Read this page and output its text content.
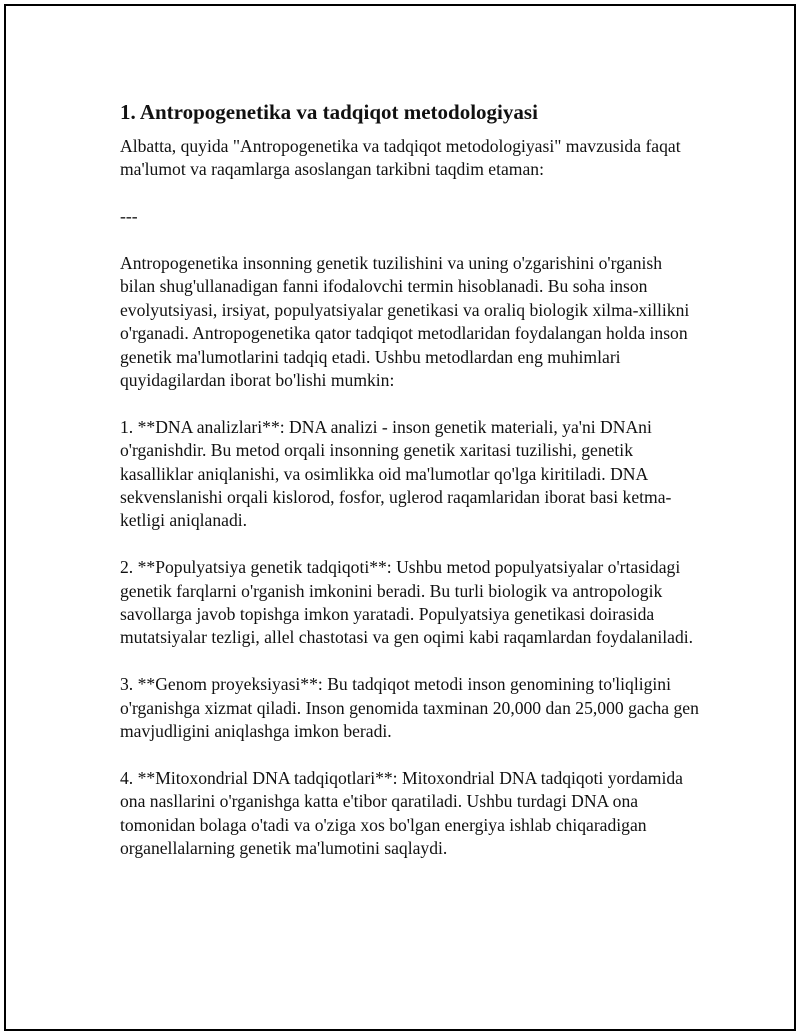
1. Antropogenetika va tadqiqot metodologiyasi

Albatta, quyida "Antropogenetika va tadqiqot metodologiyasi" mavzusida faqat ma'lumot va raqamlarga asoslangan tarkibni taqdim etaman:

---

Antropogenetika insonning genetik tuzilishini va uning o'zgarishini o'rganish bilan shug'ullanadigan fanni ifodalovchi termin hisoblanadi. Bu soha inson evolyutsiyasi, irsiyat, populyatsiyalar genetikasi va oraliq biologik xilma-xillikni o'rganadi. Antropogenetika qator tadqiqot metodlaridan foydalangan holda inson genetik ma'lumotlarini tadqiq etadi. Ushbu metodlardan eng muhimlari quyidagilardan iborat bo'lishi mumkin:

1. **DNA analizlari**: DNA analizi - inson genetik materiali, ya'ni DNAni o'rganishdir. Bu metod orqali insonning genetik xaritasi tuzilishi, genetik kasalliklar aniqlanishi, va osimlikka oid ma'lumotlar qo'lga kiritiladi. DNA sekvenslanishi orqali kislorod, fosfor, uglerod raqamlaridan iborat basi ketma-ketligi aniqlanadi.

2. **Populyatsiya genetik tadqiqoti**: Ushbu metod populyatsiyalar o'rtasidagi genetik farqlarni o'rganish imkonini beradi. Bu turli biologik va antropologik savollarga javob topishga imkon yaratadi. Populyatsiya genetikasi doirasida mutatsiyalar tezligi, allel chastotasi va gen oqimi kabi raqamlardan foydalaniladi.

3. **Genom proyeksiyasi**: Bu tadqiqot metodi inson genomining to'liqligini o'rganishga xizmat qiladi. Inson genomida taxminan 20,000 dan 25,000 gacha gen mavjudligini aniqlashga imkon beradi.

4. **Mitoxondrial DNA tadqiqotlari**: Mitoxondrial DNA tadqiqoti yordamida ona nasllarini o'rganishga katta e'tibor qaratiladi. Ushbu turdagi DNA ona tomonidan bolaga o'tadi va o'ziga xos bo'lgan energiya ishlab chiqaradigan organellalarning genetik ma'lumotini saqlaydi.
